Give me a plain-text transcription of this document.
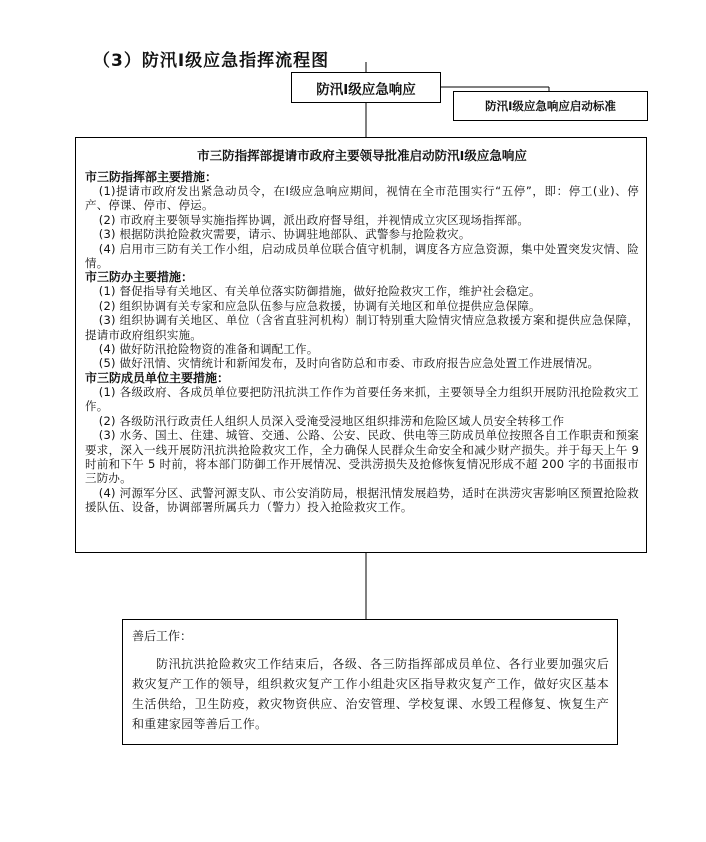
（3）防汛Ⅰ级应急指挥流程图
防汛Ⅰ级应急响应
防汛Ⅰ级应急响应启动标准
市三防指挥部提请市政府主要领导批准启动防汛Ⅰ级应急响应

市三防指挥部主要措施：

(1)提请市政府发出紧急动员令，在Ⅰ级应急响应期间，视情在全市范围实行“五停”，即：停工(业)、停产、停课、停市、停运。

(2) 市政府主要领导实施指挥协调，派出政府督导组，并视情成立灾区现场指挥部。

(3) 根据防洪抢险救灾需要，请示、协调驻地部队、武警参与抢险救灾。

(4) 启用市三防有关工作小组，启动成员单位联合值守机制，调度各方应急资源，集中处置突发灾情、险情。

市三防办主要措施：

(1) 督促指导有关地区、有关单位落实防御措施，做好抢险救灾工作，维护社会稳定。

(2) 组织协调有关专家和应急队伍参与应急救援，协调有关地区和单位提供应急保障。

(3) 组织协调有关地区、单位（含省直驻河机构）制订特别重大险情灾情应急救援方案和提供应急保障，提请市政府组织实施。

(4) 做好防汛抢险物资的准备和调配工作。

(5) 做好汛情、灾情统计和新闻发布，及时向省防总和市委、市政府报告应急处置工作进展情况。

市三防成员单位主要措施：

(1) 各级政府、各成员单位要把防汛抗洪工作作为首要任务来抓，主要领导全力组织开展防汛抢险救灾工作。

(2) 各级防汛行政责任人组织人员深入受淹受浸地区组织排涝和危险区域人员安全转移工作

(3) 水务、国土、住建、城管、交通、公路、公安、民政、供电等三防成员单位按照各自工作职责和预案要求，深入一线开展防汛抗洪抢险救灾工作，全力确保人民群众生命安全和减少财产损失。并于每天上午 9 时前和下午 5 时前，将本部门防御工作开展情况、受洪涝损失及抢修恢复情况形成不超 200 字的书面报市三防办。

(4) 河源军分区、武警河源支队、市公安消防局，根据汛情发展趋势，适时在洪涝灾害影响区预置抢险救援队伍、设备，协调部署所属兵力（警力）投入抢险救灾工作。

善后工作：

防汛抗洪抢险救灾工作结束后，各级、各三防指挥部成员单位、各行业要加强灾后救灾复产工作的领导，组织救灾复产工作小组赴灾区指导救灾复产工作，做好灾区基本生活供给，卫生防疫，救灾物资供应、治安管理、学校复课、水毁工程修复、恢复生产和重建家园等善后工作。
